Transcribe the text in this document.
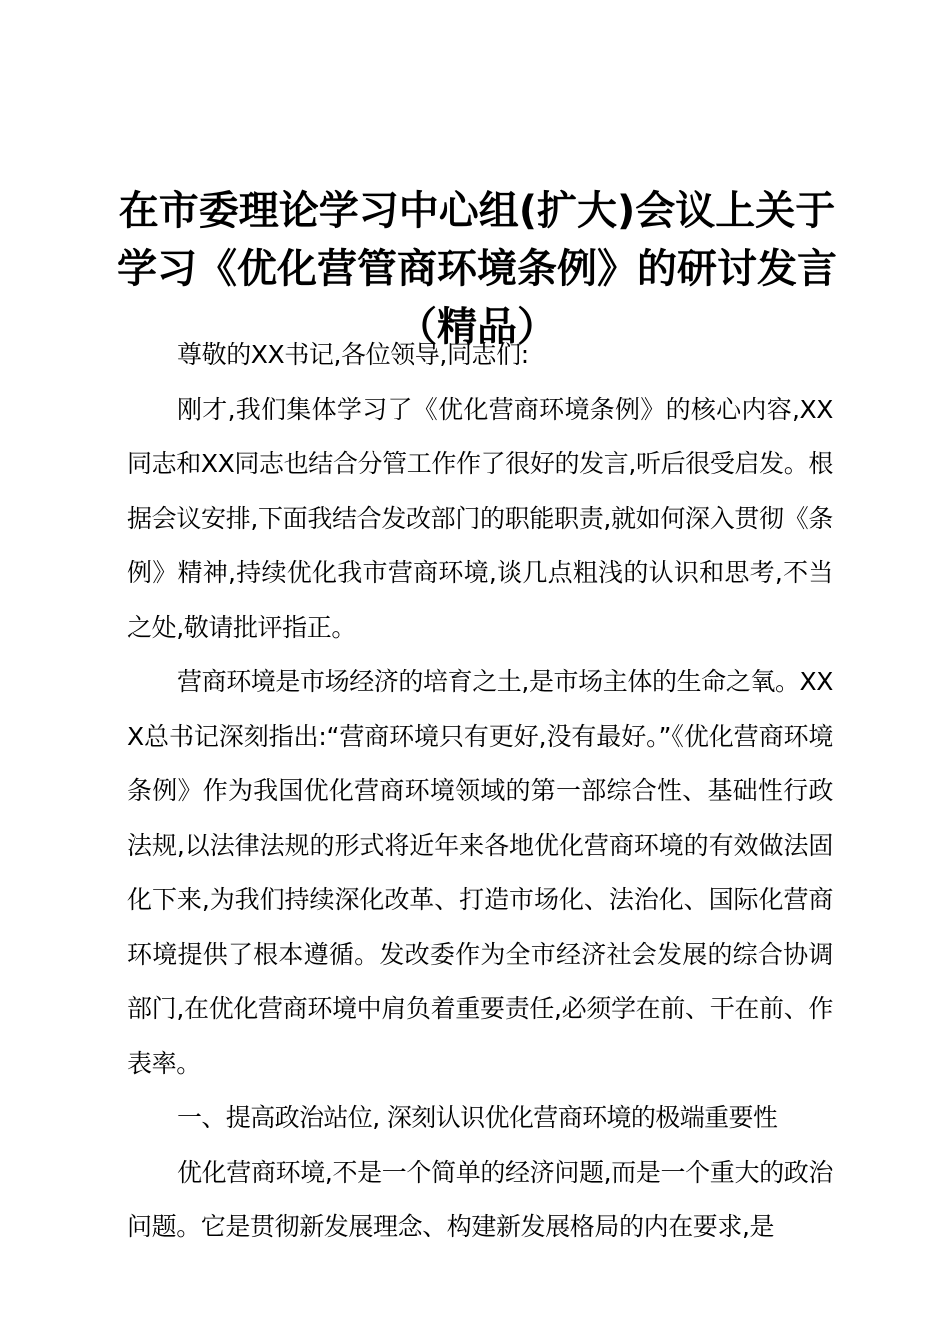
在市委理论学习中心组(扩大)会议上关于学习《优化营管商环境条例》的研讨发言（精品）

尊敬的XX书记,各位领导,同志们:

刚才,我们集体学习了《优化营商环境条例》的核心内容,XX同志和XX同志也结合分管工作作了很好的发言,听后很受启发。根据会议安排,下面我结合发改部门的职能职责,就如何深入贯彻《条例》精神,持续优化我市营商环境,谈几点粗浅的认识和思考,不当之处,敬请批评指正。

营商环境是市场经济的培育之土,是市场主体的生命之氧。XXX总书记深刻指出:“营商环境只有更好,没有最好。”《优化营商环境条例》作为我国优化营商环境领域的第一部综合性、基础性行政法规,以法律法规的形式将近年来各地优化营商环境的有效做法固化下来,为我们持续深化改革、打造市场化、法治化、国际化营商环境提供了根本遵循。发改委作为全市经济社会发展的综合协调部门,在优化营商环境中肩负着重要责任,必须学在前、干在前、作表率。

一、提高政治站位, 深刻认识优化营商环境的极端重要性

优化营商环境,不是一个简单的经济问题,而是一个重大的政治问题。它是贯彻新发展理念、构建新发展格局的内在要求,是
